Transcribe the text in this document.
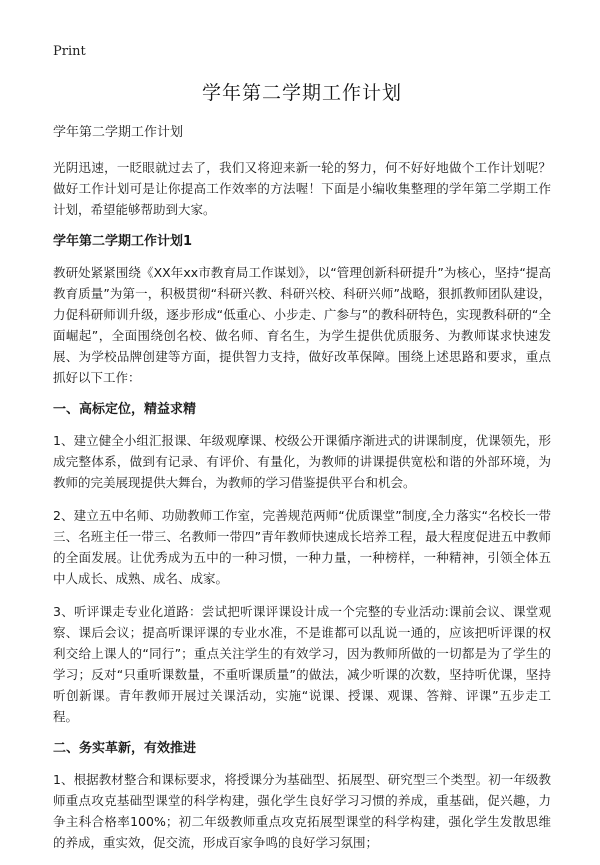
Print
学年第二学期工作计划
学年第二学期工作计划

光阴迅速，一眨眼就过去了，我们又将迎来新一轮的努力，何不好好地做个工作计划呢？做好工作计划可是让你提高工作效率的方法喔！下面是小编收集整理的学年第二学期工作计划，希望能够帮助到大家。

学年第二学期工作计划1

教研处紧紧围绕《XX年xx市教育局工作谋划》，以“管理创新科研提升”为核心，坚持“提高教育质量”为第一，积极贯彻“科研兴教、科研兴校、科研兴师”战略，狠抓教师团队建设，力促科研师训升级，逐步形成“低重心、小步走、广参与”的教科研特色，实现教科研的“全面崛起”，全面围绕创名校、做名师、育名生，为学生提供优质服务、为教师谋求快速发展、为学校品牌创建等方面，提供智力支持，做好改革保障。围绕上述思路和要求，重点抓好以下工作：

一、高标定位，精益求精

1、建立健全小组汇报课、年级观摩课、校级公开课循序渐进式的讲课制度，优课领先，形成完整体系，做到有记录、有评价、有量化，为教师的讲课提供宽松和谐的外部环境，为教师的完美展现提供大舞台，为教师的学习借鉴提供平台和机会。

2、建立五中名师、功勋教师工作室，完善规范两师“优质课堂”制度,全力落实“名校长一带三、名班主任一带三、名教师一带四”青年教师快速成长培养工程，最大程度促进五中教师的全面发展。让优秀成为五中的一种习惯，一种力量，一种榜样，一种精神，引领全体五中人成长、成熟、成名、成家。

3、听评课走专业化道路：尝试把听课评课设计成一个完整的专业活动:课前会议、课堂观察、课后会议；提高听课评课的专业水准，不是谁都可以乱说一通的，应该把听评课的权利交给上课人的“同行”；重点关注学生的有效学习，因为教师所做的一切都是为了学生的学习；反对“只重听课数量，不重听课质量”的做法，减少听课的次数，坚持听优课，坚持听创新课。青年教师开展过关课活动，实施“说课、授课、观课、答辩、评课”五步走工程。

二、务实革新，有效推进

1、根据教材整合和课标要求，将授课分为基础型、拓展型、研究型三个类型。初一年级教师重点攻克基础型课堂的科学构建，强化学生良好学习习惯的养成，重基础，促兴趣，力争主科合格率100%；初二年级教师重点攻克拓展型课堂的科学构建，强化学生发散思维的养成，重实效，促交流，形成百家争鸣的良好学习氛围；
